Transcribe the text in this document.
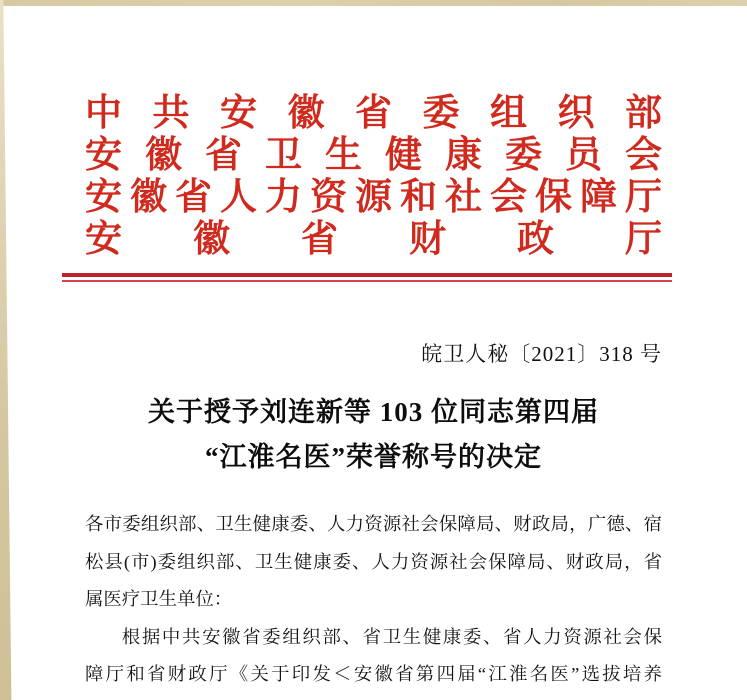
中 共 安 徽 省 委 组 织 部
安 徽 省 卫 生 健 康 委 员 会
安 徽 省 人 力 资 源 和 社 会 保 障 厅
安 徽 省 财 政 厅
皖卫人秘〔2021〕318 号
关于授予刘连新等 103 位同志第四届
“江淮名医”荣誉称号的决定
各市委组织部、卫生健康委、人力资源社会保障局、财政局，广德、宿
松县(市)委组织部、卫生健康委、人力资源社会保障局、财政局，省
属医疗卫生单位：
根据中共安徽省委组织部、省卫生健康委、省人力资源社会保
障厅和省财政厅《关于印发＜安徽省第四届“江淮名医”选拔培养
